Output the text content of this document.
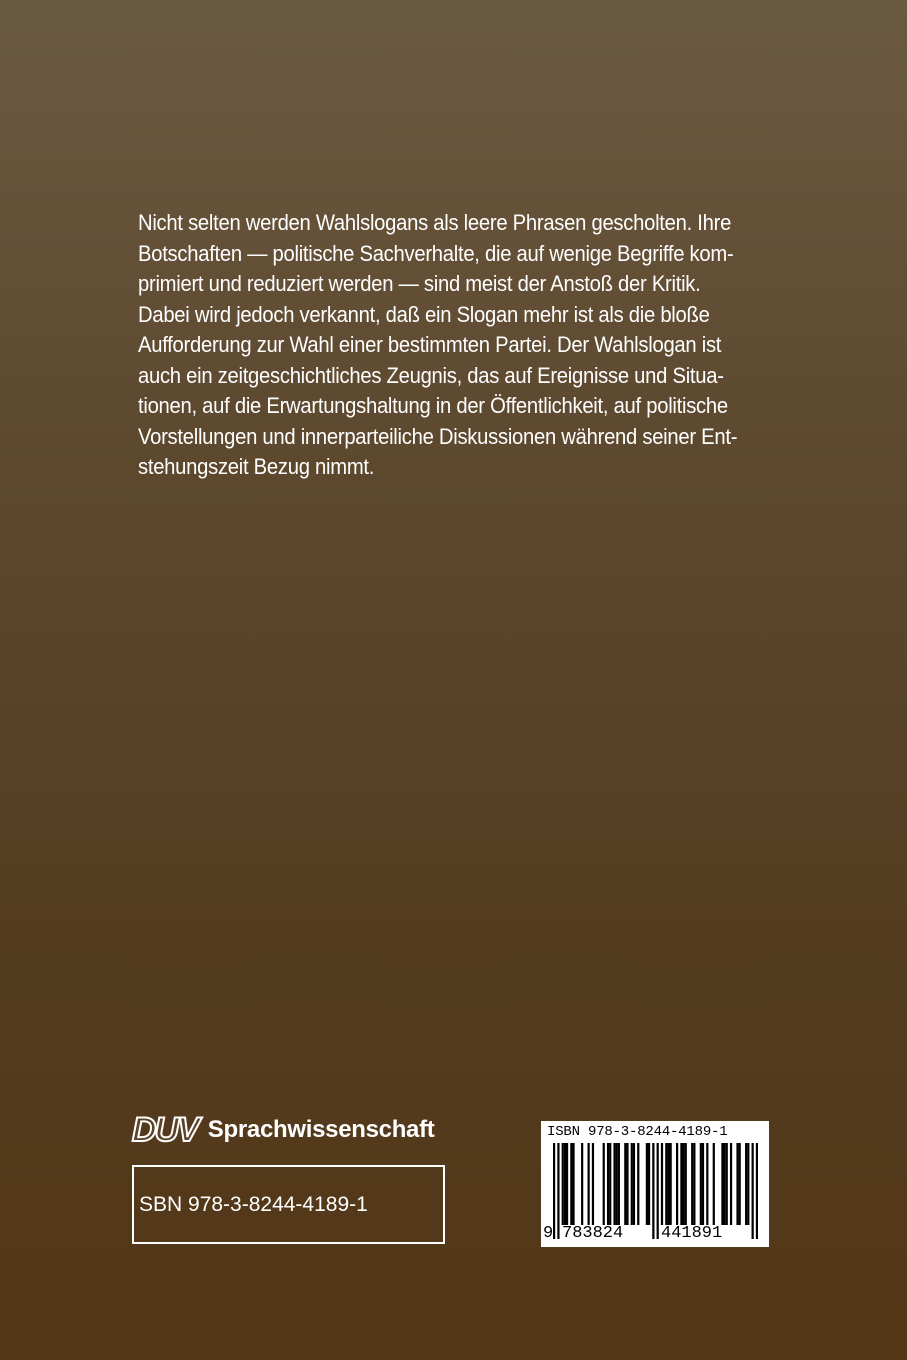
Nicht selten werden Wahlslogans als leere Phrasen gescholten. Ihre
Botschaften — politische Sachverhalte, die auf wenige Begriffe kom-
primiert und reduziert werden — sind meist der Anstoß der Kritik.
Dabei wird jedoch verkannt, daß ein Slogan mehr ist als die bloße
Aufforderung zur Wahl einer bestimmten Partei. Der Wahlslogan ist
auch ein zeitgeschichtliches Zeugnis, das auf Ereignisse und Situa-
tionen, auf die Erwartungshaltung in der Öffentlichkeit, auf politische
Vorstellungen und innerparteiliche Diskussionen während seiner Ent-
stehungszeit Bezug nimmt.
DUV Sprachwissenschaft
SBN 978-3-8244-4189-1
ISBN 978-3-8244-4189-1
9 783824 441891
